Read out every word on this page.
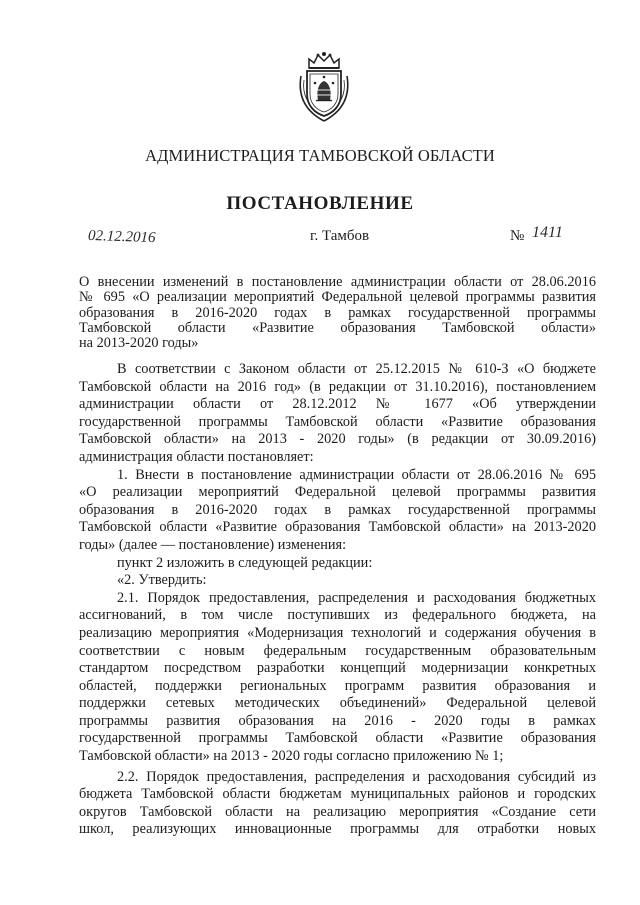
АДМИНИСТРАЦИЯ ТАМБОВСКОЙ ОБЛАСТИ
ПОСТАНОВЛЕНИЕ
02.12.2016	г. Тамбов	№ 1411
О внесении изменений в постановление администрации области от 28.06.2016
№ 695 «О реализации мероприятий Федеральной целевой программы развития
образования в 2016-2020 годах в рамках государственной программы
Тамбовской области «Развитие образования Тамбовской области»
на 2013-2020 годы»

В соответствии с Законом области от 25.12.2015 № 610-З «О бюджете

Тамбовской области на 2016 год» (в редакции от 31.10.2016), постановлением

администрации области от 28.12.2012 № 1677 «Об утверждении

государственной программы Тамбовской области «Развитие образования

Тамбовской области» на 2013 - 2020 годы» (в редакции от 30.09.2016)

администрация области постановляет:

1. Внести в постановление администрации области от 28.06.2016 № 695

«О реализации мероприятий Федеральной целевой программы развития

образования в 2016-2020 годах в рамках государственной программы

Тамбовской области «Развитие образования Тамбовской области» на 2013-2020

годы» (далее — постановление) изменения:

пункт 2 изложить в следующей редакции:

«2. Утвердить:

2.1. Порядок предоставления, распределения и расходования бюджетных

ассигнований, в том числе поступивших из федерального бюджета, на

реализацию мероприятия «Модернизация технологий и содержания обучения в

соответствии с новым федеральным государственным образовательным

стандартом посредством разработки концепций модернизации конкретных

областей, поддержки региональных программ развития образования и

поддержки сетевых методических объединений» Федеральной целевой

программы развития образования на 2016 - 2020 годы в рамках

государственной программы Тамбовской области «Развитие образования

Тамбовской области» на 2013 - 2020 годы согласно приложению № 1;

2.2. Порядок предоставления, распределения и расходования субсидий из

бюджета Тамбовской области бюджетам муниципальных районов и городских

округов Тамбовской области на реализацию мероприятия «Создание сети

школ, реализующих инновационные программы для отработки новых
